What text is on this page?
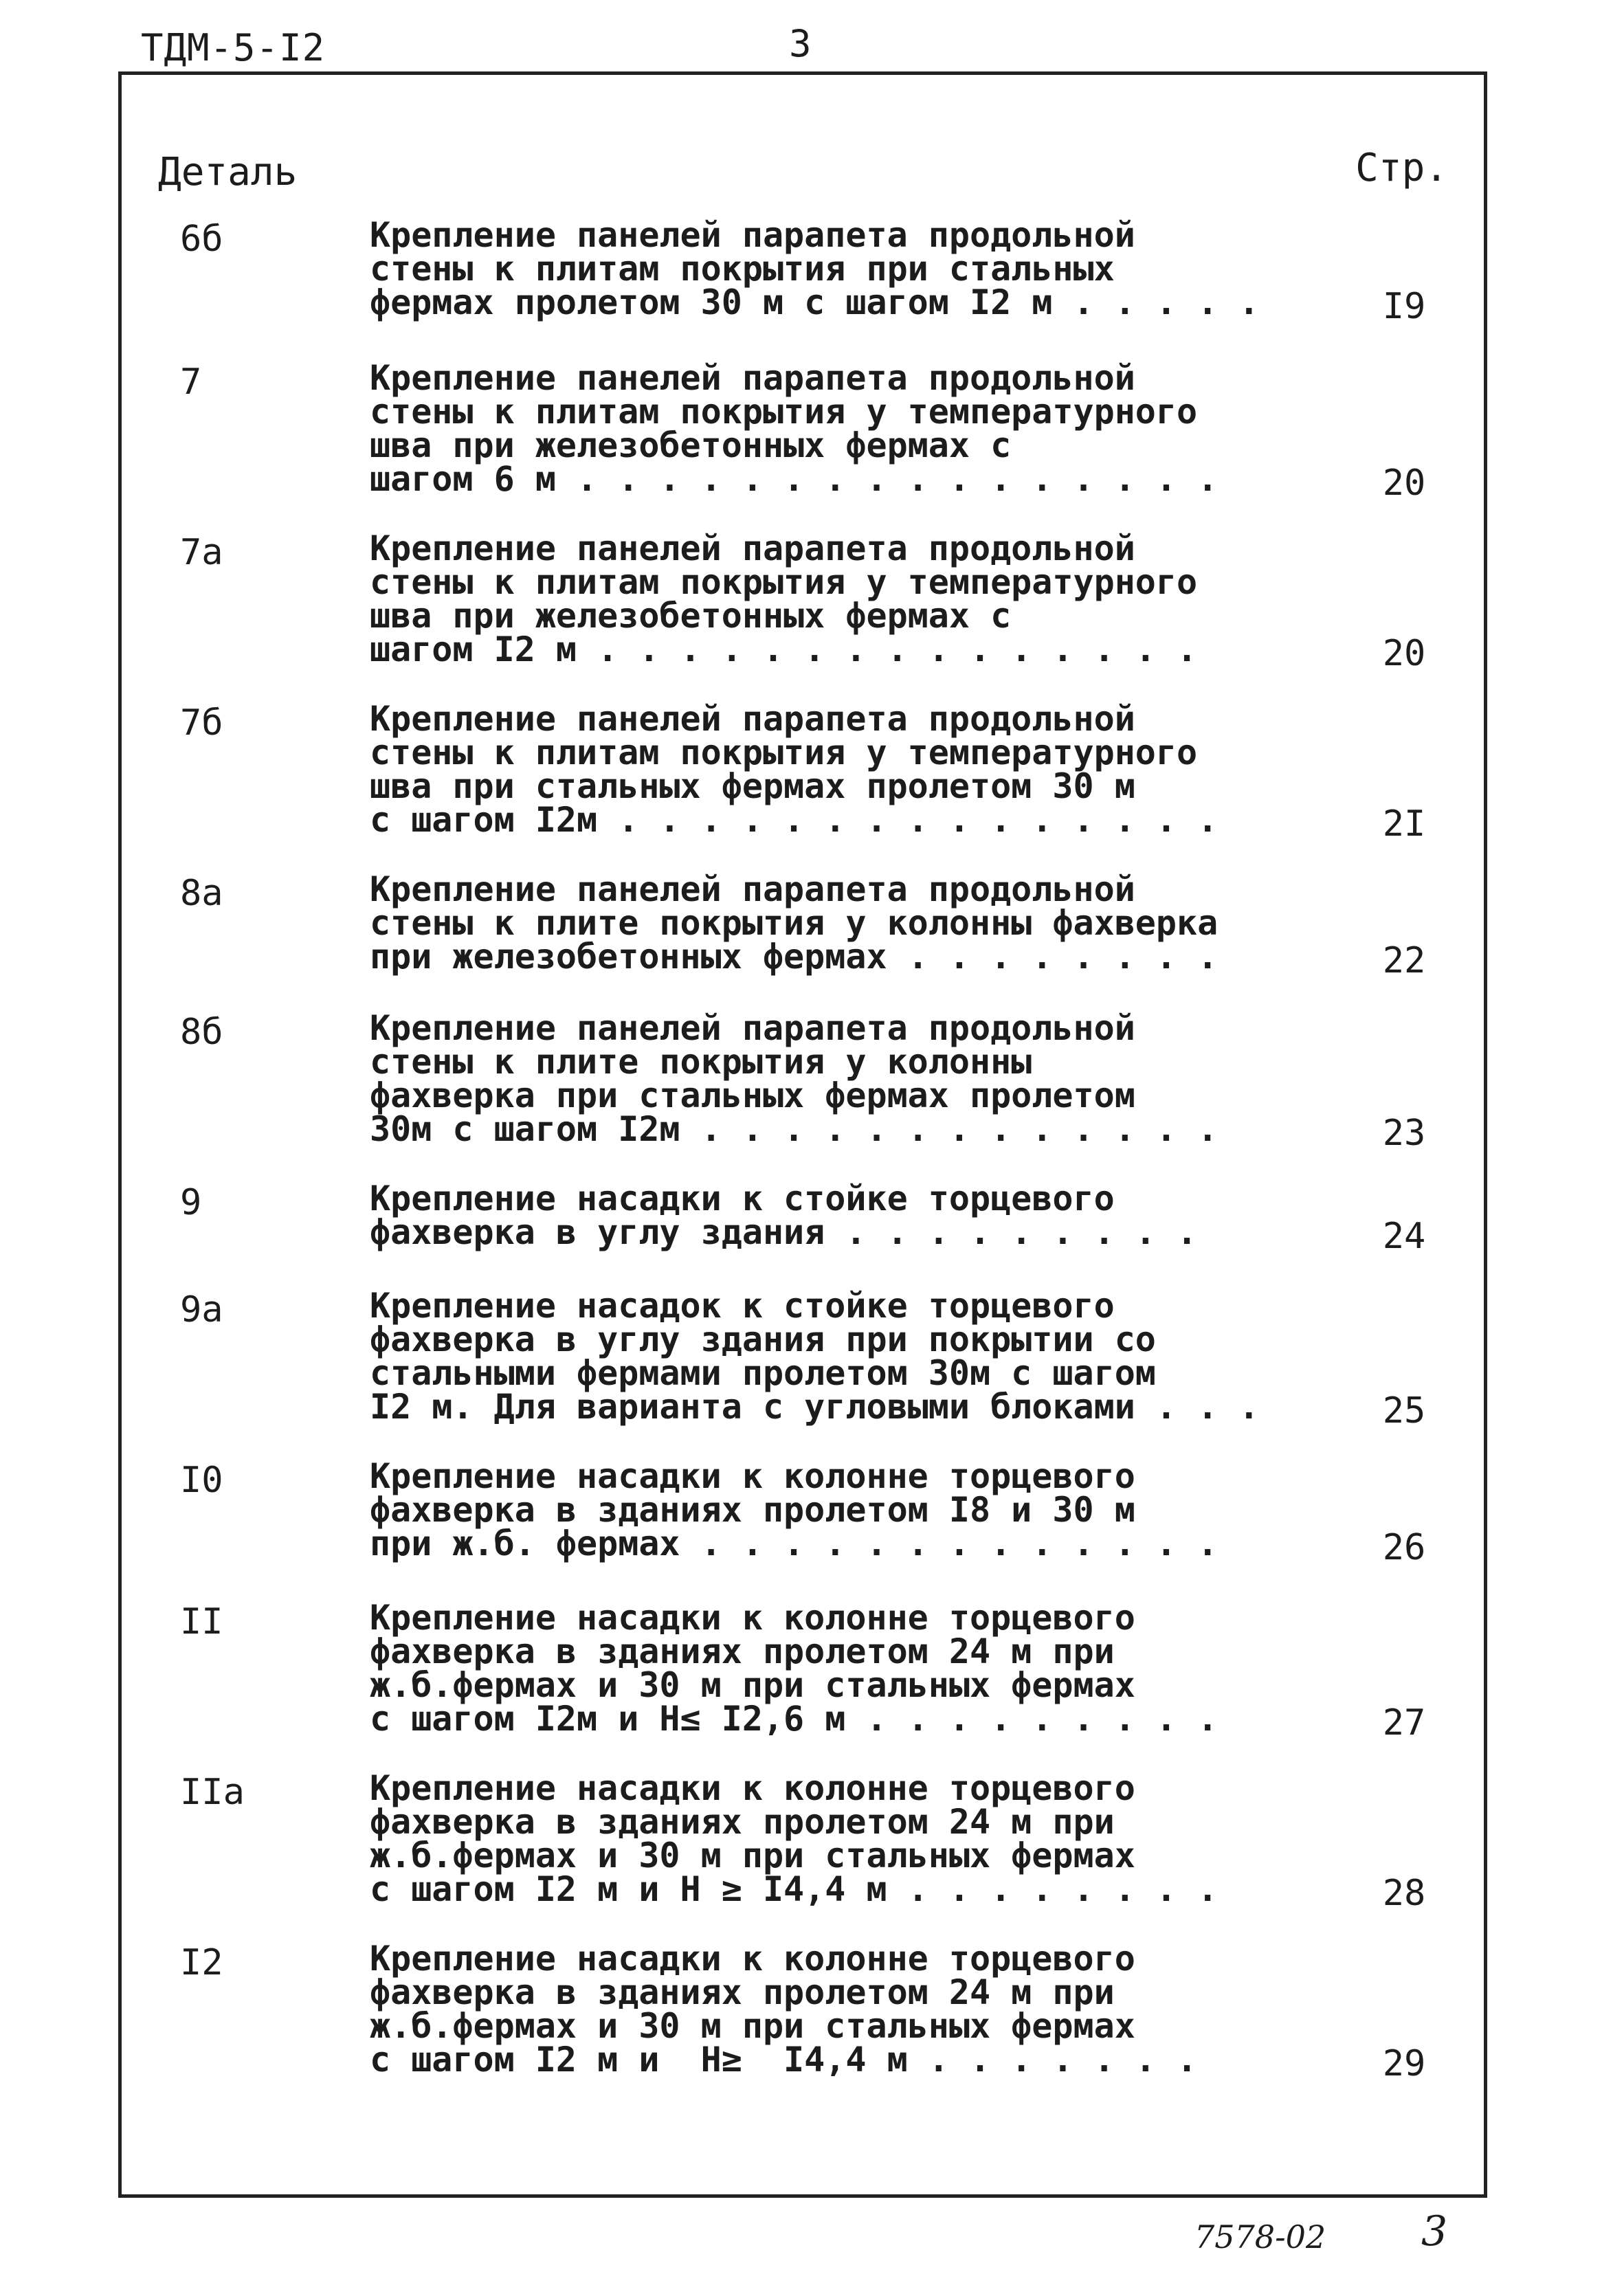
ТДМ-5-I2	3
Деталь	Стр.
6б	Крепление панелей парапета продольной
стены к плитам покрытия при стальных
фермах пролетом 30 м с шагом I2 м . . . . .	I9
7	Крепление панелей парапета продольной
стены к плитам покрытия у температурного
шва при железобетонных фермах с
шагом 6 м . . . . . . . . . . . . . . . .	20
7а	Крепление панелей парапета продольной
стены к плитам покрытия у температурного
шва при железобетонных фермах с
шагом I2 м . . . . . . . . . . . . . . .	20
7б	Крепление панелей парапета продольной
стены к плитам покрытия у температурного
шва при стальных фермах пролетом 30 м
с шагом I2м . . . . . . . . . . . . . . .	2I
8а	Крепление панелей парапета продольной
стены к плите покрытия у колонны фахверка
при железобетонных фермах . . . . . . . .	22
8б	Крепление панелей парапета продольной
стены к плите покрытия у колонны
фахверка при стальных фермах пролетом
30м с шагом I2м . . . . . . . . . . . . .	23
9	Крепление насадки к стойке торцевого
фахверка в углу здания . . . . . . . . .	24
9а	Крепление насадок к стойке торцевого
фахверка в углу здания при покрытии со
стальными фермами пролетом 30м с шагом
I2 м. Для варианта с угловыми блоками . . .	25
I0	Крепление насадки к колонне торцевого
фахверка в зданиях пролетом I8 и 30 м
при ж.б. фермах . . . . . . . . . . . . .	26
II	Крепление насадки к колонне торцевого
фахверка в зданиях пролетом 24 м при
ж.б.фермах и 30 м при стальных фермах
с шагом I2м и H≤ I2,6 м . . . . . . . . .	27
IIа	Крепление насадки к колонне торцевого
фахверка в зданиях пролетом 24 м при
ж.б.фермах и 30 м при стальных фермах
с шагом I2 м и H ≥ I4,4 м . . . . . . . .	28
I2	Крепление насадки к колонне торцевого
фахверка в зданиях пролетом 24 м при
ж.б.фермах и 30 м при стальных фермах
с шагом I2 м и  H≥  I4,4 м . . . . . . .	29
7578-02 3
